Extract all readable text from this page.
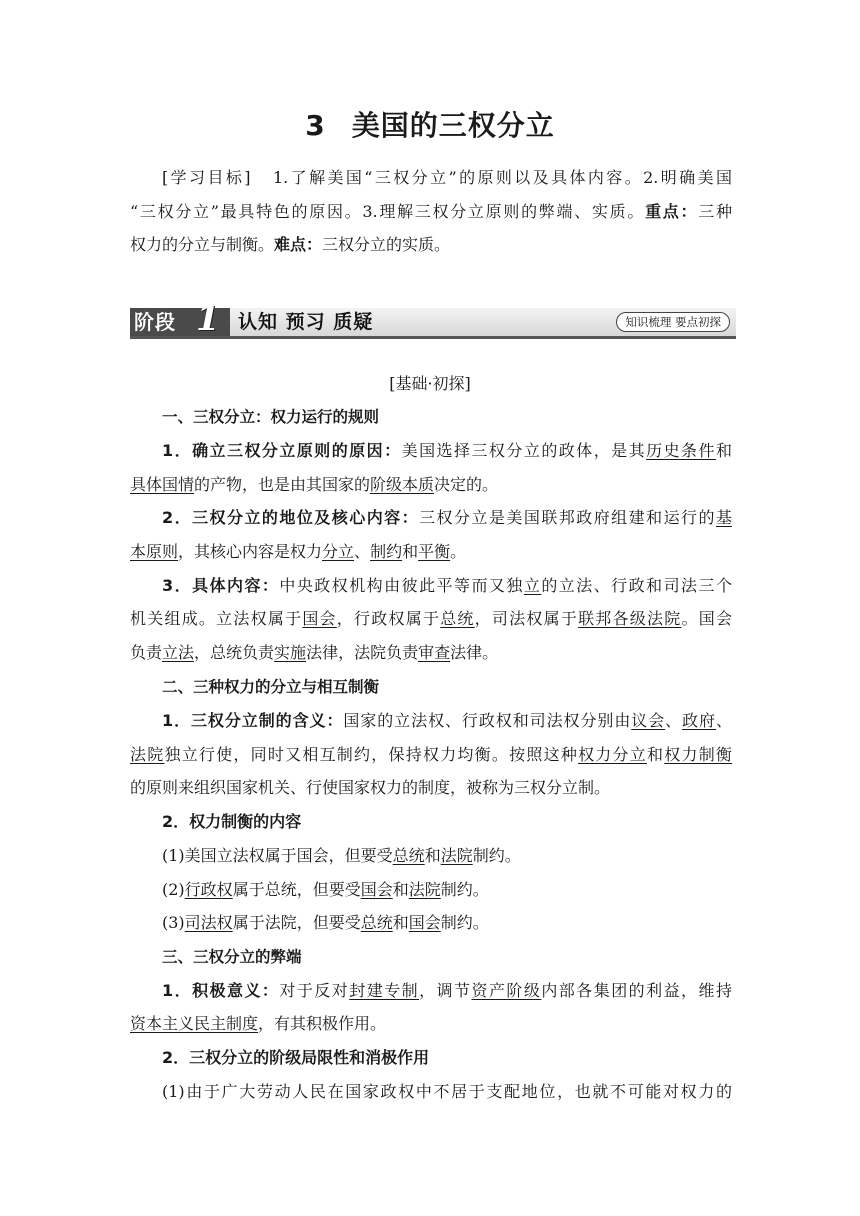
3 美国的三权分立
[学习目标] 1.了解美国“三权分立”的原则以及具体内容。2.明确美国
“三权分立”最具特色的原因。3.理解三权分立原则的弊端、实质。重点：三种
权力的分立与制衡。难点：三权分立的实质。
阶段 1 认知 预习 质疑	知识梳理 要点初探
[基础·初探]
一、三权分立：权力运行的规则
1．确立三权分立原则的原因：美国选择三权分立的政体，是其历史条件和
具体国情的产物，也是由其国家的阶级本质决定的。
2．三权分立的地位及核心内容：三权分立是美国联邦政府组建和运行的基
本原则，其核心内容是权力分立、制约和平衡。
3．具体内容：中央政权机构由彼此平等而又独立的立法、行政和司法三个
机关组成。立法权属于国会，行政权属于总统，司法权属于联邦各级法院。国会
负责立法，总统负责实施法律，法院负责审查法律。
二、三种权力的分立与相互制衡
1．三权分立制的含义：国家的立法权、行政权和司法权分别由议会、政府、
法院独立行使，同时又相互制约，保持权力均衡。按照这种权力分立和权力制衡
的原则来组织国家机关、行使国家权力的制度，被称为三权分立制。
2．权力制衡的内容
(1)美国立法权属于国会，但要受总统和法院制约。
(2)行政权属于总统，但要受国会和法院制约。
(3)司法权属于法院，但要受总统和国会制约。
三、三权分立的弊端
1．积极意义：对于反对封建专制，调节资产阶级内部各集团的利益，维持
资本主义民主制度，有其积极作用。
2．三权分立的阶级局限性和消极作用
(1)由于广大劳动人民在国家政权中不居于支配地位，也就不可能对权力的
